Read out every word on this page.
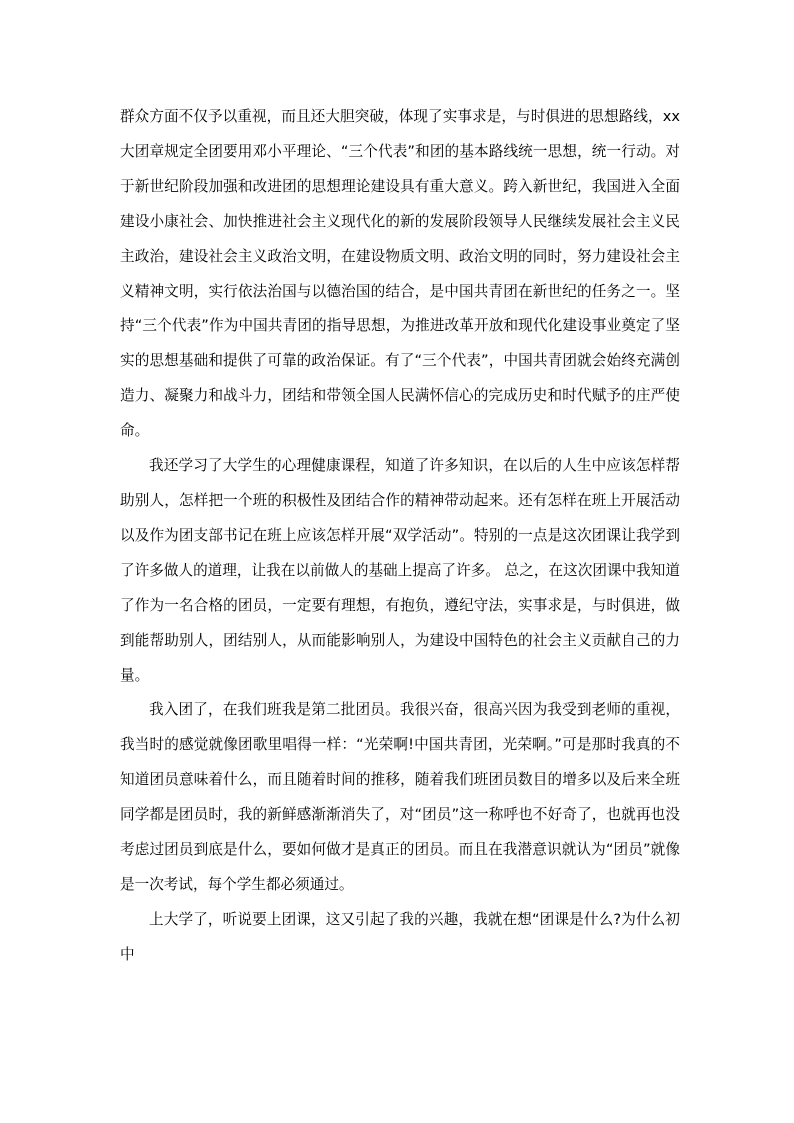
群众方面不仅予以重视，而且还大胆突破，体现了实事求是，与时俱进的思想路线，xx大团章规定全团要用邓小平理论、“三个代表”和团的基本路线统一思想，统一行动。对于新世纪阶段加强和改进团的思想理论建设具有重大意义。跨入新世纪，我国进入全面建设小康社会、加快推进社会主义现代化的新的发展阶段领导人民继续发展社会主义民主政治，建设社会主义政治文明，在建设物质文明、政治文明的同时，努力建设社会主义精神文明，实行依法治国与以德治国的结合，是中国共青团在新世纪的任务之一。坚持“三个代表”作为中国共青团的指导思想，为推进改革开放和现代化建设事业奠定了坚实的思想基础和提供了可靠的政治保证。有了“三个代表”，中国共青团就会始终充满创造力、凝聚力和战斗力，团结和带领全国人民满怀信心的完成历史和时代赋予的庄严使命。

我还学习了大学生的心理健康课程，知道了许多知识，在以后的人生中应该怎样帮助别人，怎样把一个班的积极性及团结合作的精神带动起来。还有怎样在班上开展活动以及作为团支部书记在班上应该怎样开展“双学活动”。特别的一点是这次团课让我学到了许多做人的道理，让我在以前做人的基础上提高了许多。 总之，在这次团课中我知道了作为一名合格的团员，一定要有理想，有抱负，遵纪守法，实事求是，与时俱进，做到能帮助别人，团结别人，从而能影响别人，为建设中国特色的社会主义贡献自己的力量。

我入团了，在我们班我是第二批团员。我很兴奋，很高兴因为我受到老师的重视，我当时的感觉就像团歌里唱得一样：“光荣啊!中国共青团，光荣啊。”可是那时我真的不知道团员意味着什么，而且随着时间的推移，随着我们班团员数目的增多以及后来全班同学都是团员时，我的新鲜感渐渐消失了，对“团员”这一称呼也不好奇了，也就再也没考虑过团员到底是什么，要如何做才是真正的团员。而且在我潜意识就认为“团员”就像是一次考试，每个学生都必须通过。

上大学了，听说要上团课，这又引起了我的兴趣，我就在想“团课是什么?为什么初中
